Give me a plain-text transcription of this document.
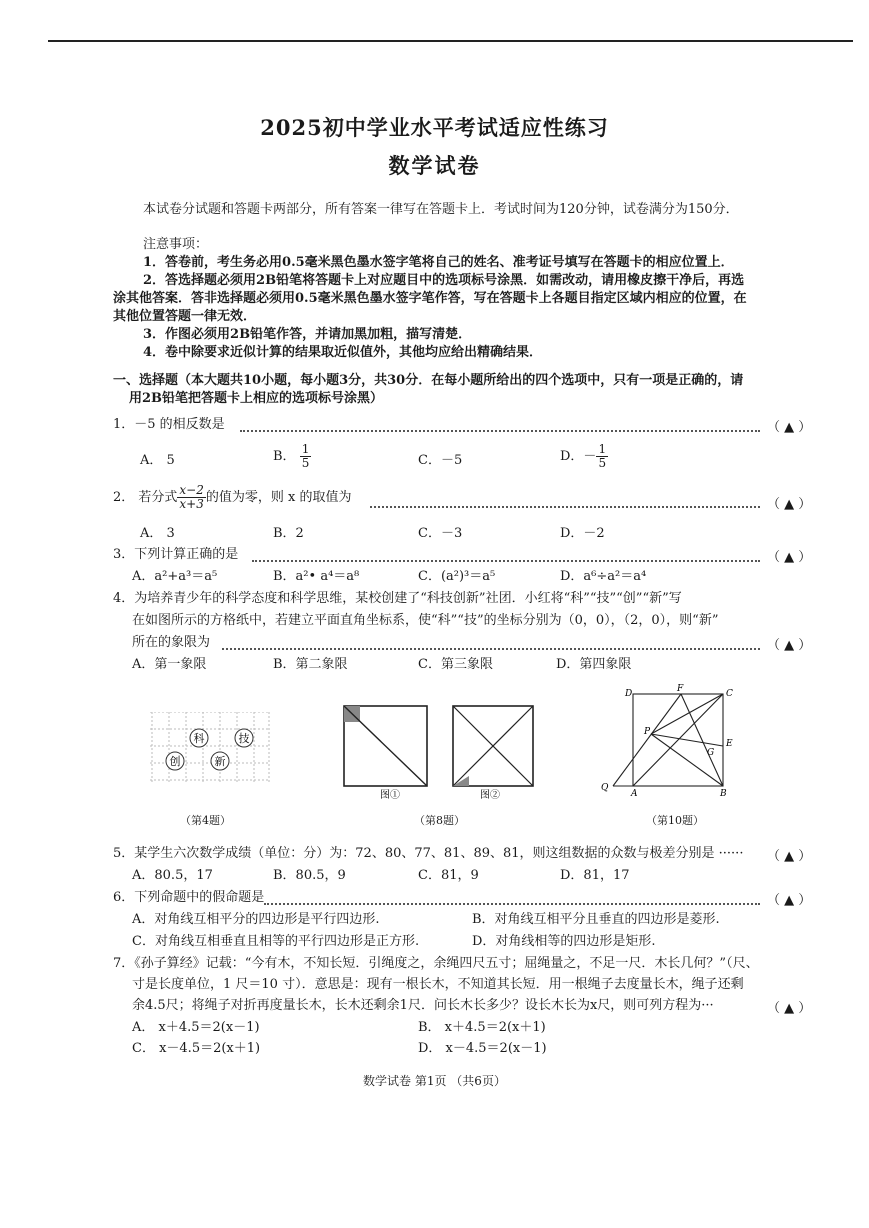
2025初中学业水平考试适应性练习
数学试卷
本试卷分试题和答题卡两部分，所有答案一律写在答题卡上．考试时间为120分钟，试卷满分为150分．
注意事项：
1．答卷前，考生务必用0.5毫米黑色墨水签字笔将自己的姓名、准考证号填写在答题卡的相应位置上．
2．答选择题必须用2B铅笔将答题卡上对应题目中的选项标号涂黑．如需改动，请用橡皮擦干净后，再选
涂其他答案．答非选择题必须用0.5毫米黑色墨水签字笔作答，写在答题卡上各题目指定区域内相应的位置，在
其他位置答题一律无效．
3．作图必须用2B铅笔作答，并请加黑加粗，描写清楚．
4．卷中除要求近似计算的结果取近似值外，其他均应给出精确结果．
一、选择题（本大题共10小题，每小题3分，共30分．在每小题所给出的四个选项中，只有一项是正确的，请
用2B铅笔把答题卡上相应的选项标号涂黑）
1．－5 的相反数是	（ ▲ ）
A． 5	B． $\frac{1}{5}$	C．－5	D．－ $\frac{1}{5}$
2． 若分式 $\frac{x-2}{x+3}$ 的值为零，则 x 的取值为	（ ▲ ）
A． 3	B．2	C．－3	D．－2
3．下列计算正确的是	（ ▲ ）
A．a²+a³＝a⁵	B．a²• a⁴＝a⁸	C．(a²)³＝a⁵	D．a⁶÷a²＝a⁴
4．为培养青少年的科学态度和科学思维，某校创建了“科技创新”社团．小红将“科”“技”“创”“新”写
在如图所示的方格纸中，若建立平面直角坐标系，使“科”“技”的坐标分别为（0，0），（2，0），则“新”
所在的象限为	（ ▲ ）
A．第一象限	B．第二象限	C．第三象限	D．第四象限
科	技
创	新
（第4题）
图①	图②
（第8题）
D	F	C
P
E
G
Q
A	B
（第10题）
5．某学生六次数学成绩（单位：分）为：72、80、77、81、89、81，则这组数据的众数与极差分别是 ······ （ ▲ ）
A．80.5，17	B．80.5，9	C．81，9	D．81，17
6．下列命题中的假命题是	（ ▲ ）
A．对角线互相平分的四边形是平行四边形.	B．对角线互相平分且垂直的四边形是菱形.
C．对角线互相垂直且相等的平行四边形是正方形.	D．对角线相等的四边形是矩形.
7．《孙子算经》记载：“今有木，不知长短．引绳度之，余绳四尺五寸；屈绳量之，不足一尺．木长几何？”（尺、
寸是长度单位，1 尺＝10 寸）．意思是：现有一根长木，不知道其长短．用一根绳子去度量长木，绳子还剩
余4.5尺；将绳子对折再度量长木，长木还剩余1尺．问长木长多少？设长木长为x尺，则可列方程为···	（ ▲ ）
A． x＋4.5＝2(x－1)	B． x＋4.5＝2(x＋1)
C． x－4.5＝2(x＋1)	D． x－4.5＝2(x－1)
数学试卷 第1页 （共6页）
